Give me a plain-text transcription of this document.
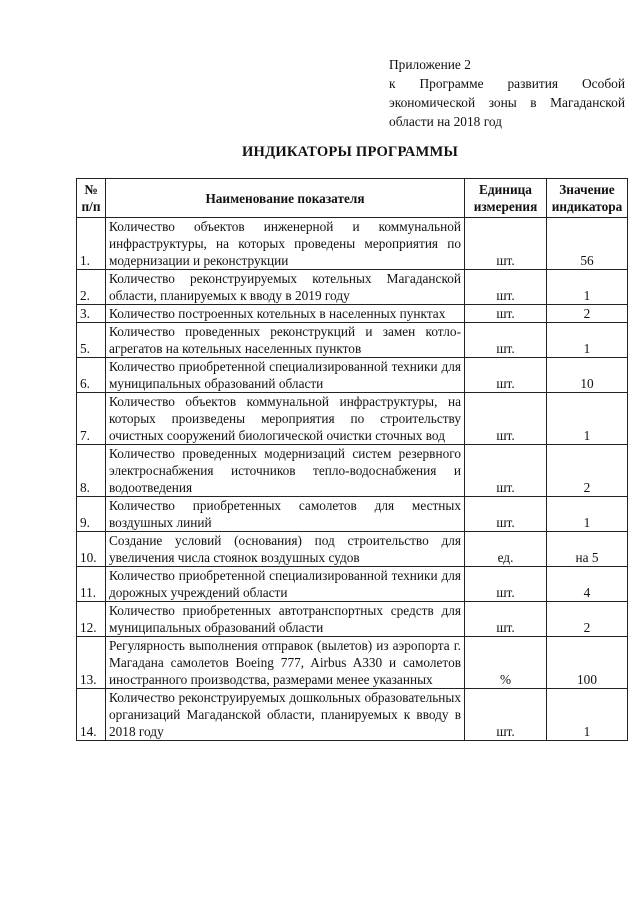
Приложение 2
к Программе развития Особой экономической зоны в Магаданской области на 2018 год
ИНДИКАТОРЫ ПРОГРАММЫ
№ п/п	Наименование показателя	Единица измерения	Значение индикатора
1.	Количество объектов инженерной и коммунальной инфраструктуры, на которых проведены мероприятия по модернизации и реконструкции	шт.	56
2.	Количество реконструируемых котельных Магаданской области, планируемых к вводу в 2019 году	шт.	1
3.	Количество построенных котельных в населенных пунктах	шт.	2
5.	Количество проведенных реконструкций и замен котло-агрегатов на котельных населенных пунктов	шт.	1
6.	Количество приобретенной специализированной техники для муниципальных образований области	шт.	10
7.	Количество объектов коммунальной инфраструктуры, на которых произведены мероприятия по строительству очистных сооружений биологической очистки сточных вод	шт.	1
8.	Количество проведенных модернизаций систем резервного электроснабжения источников тепло-водоснабжения и водоотведения	шт.	2
9.	Количество приобретенных самолетов для местных воздушных линий	шт.	1
10.	Создание условий (основания) под строительство для увеличения числа стоянок воздушных судов	ед.	на 5
11.	Количество приобретенной специализированной техники для дорожных учреждений области	шт.	4
12.	Количество приобретенных автотранспортных средств для муниципальных образований области	шт.	2
13.	Регулярность выполнения отправок (вылетов) из аэропорта г. Магадана самолетов Boeing 777, Airbus A330 и самолетов иностранного производства, размерами менее указанных	%	100
14.	Количество реконструируемых дошкольных образовательных организаций Магаданской области, планируемых к вводу в 2018 году	шт.	1
